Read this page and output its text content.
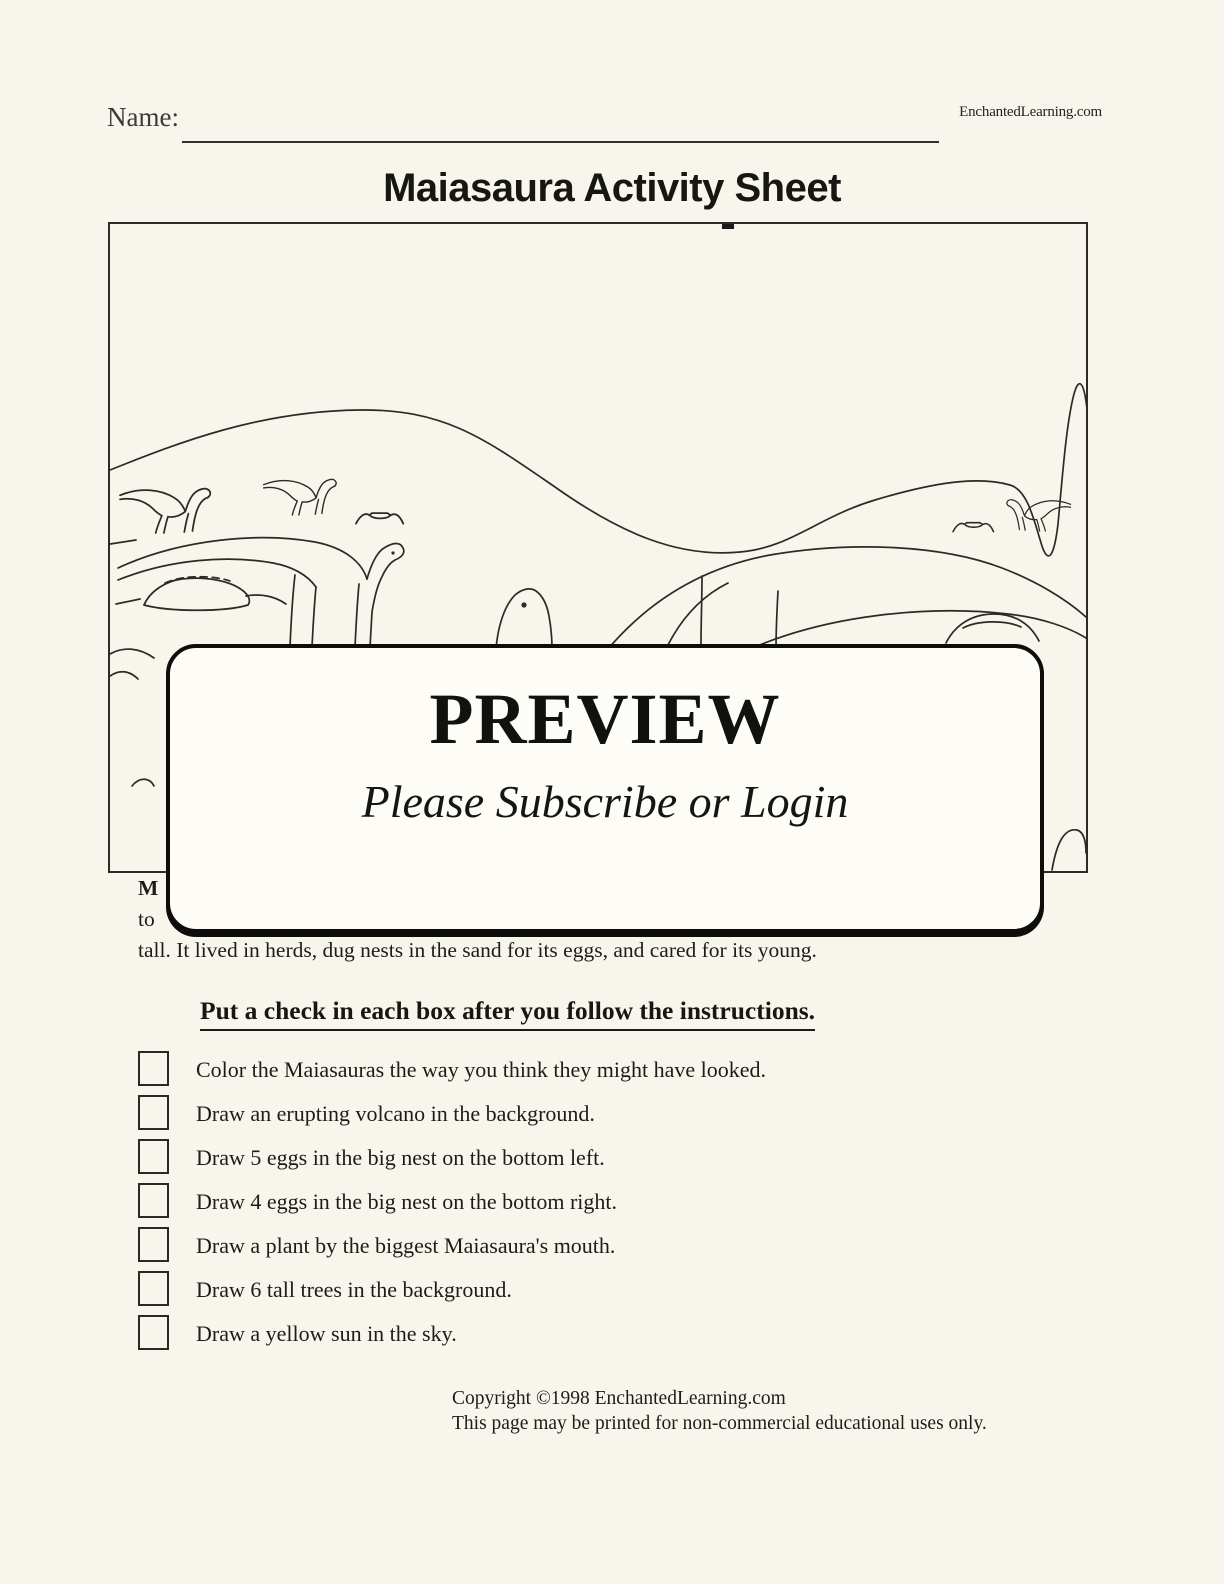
Name:	EnchantedLearning.com
Maiasaura Activity Sheet
M
to
tall. It lived in herds, dug nests in the sand for its eggs, and cared for its young.
PREVIEW
Please Subscribe or Login
Put a check in each box after you follow the instructions.
Color the Maiasauras the way you think they might have looked.
Draw an erupting volcano in the background.
Draw 5 eggs in the big nest on the bottom left.
Draw 4 eggs in the big nest on the bottom right.
Draw a plant by the biggest Maiasaura's mouth.
Draw 6 tall trees in the background.
Draw a yellow sun in the sky.
Copyright ©1998 EnchantedLearning.com
This page may be printed for non-commercial educational uses only.
